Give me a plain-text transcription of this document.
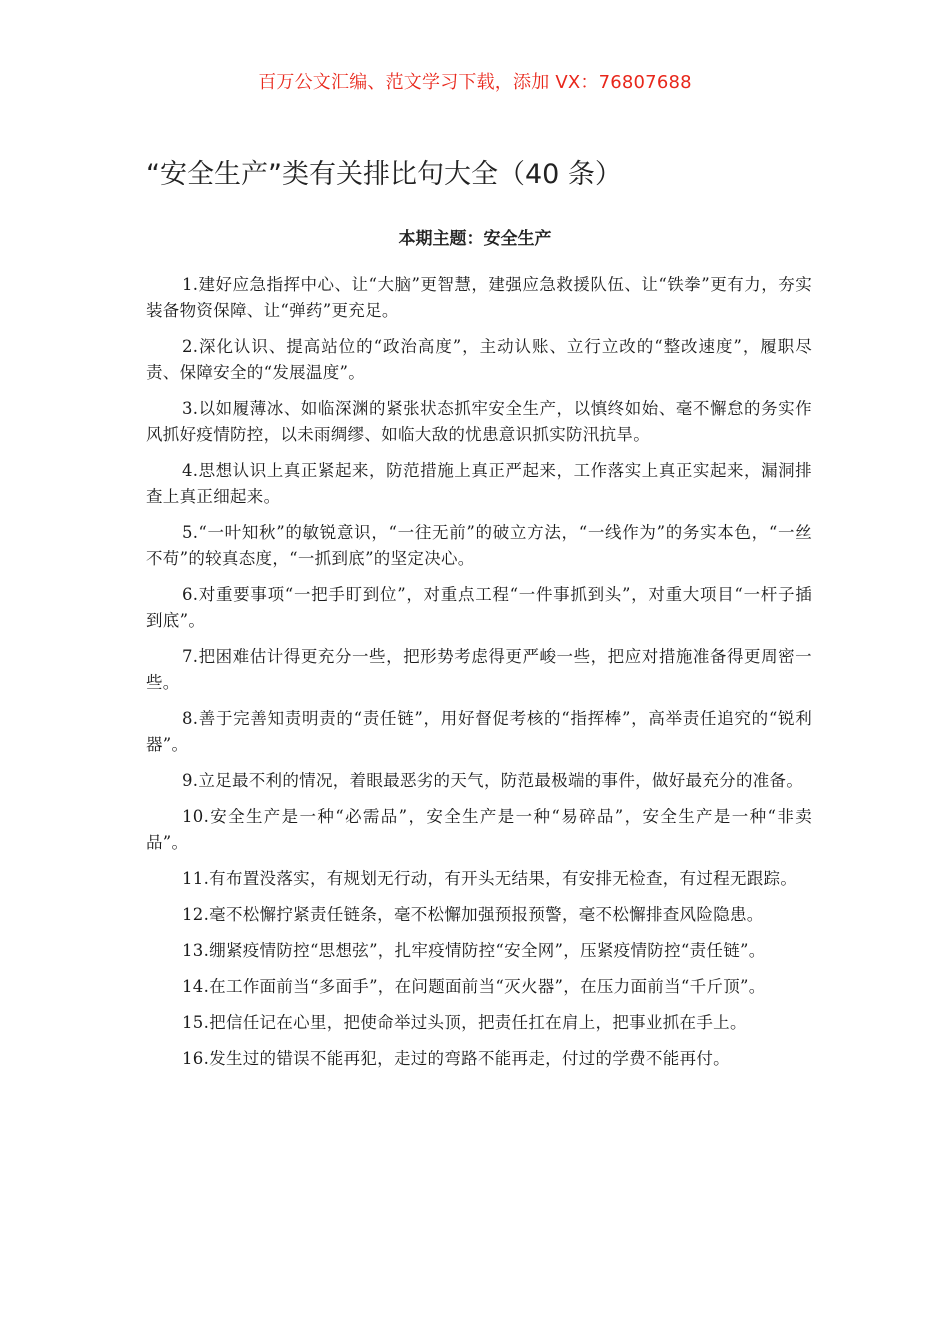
百万公文汇编、范文学习下载，添加 VX：76807688
“安全生产”类有关排比句大全（40 条）
本期主题：安全生产
1.建好应急指挥中心、让“大脑”更智慧，建强应急救援队伍、让“铁拳”更有力，夯实装备物资保障、让“弹药”更充足。
2.深化认识、提高站位的“政治高度”，主动认账、立行立改的“整改速度”，履职尽责、保障安全的“发展温度”。
3.以如履薄冰、如临深渊的紧张状态抓牢安全生产，以慎终如始、毫不懈怠的务实作风抓好疫情防控，以未雨绸缪、如临大敌的忧患意识抓实防汛抗旱。
4.思想认识上真正紧起来，防范措施上真正严起来，工作落实上真正实起来，漏洞排查上真正细起来。
5.“一叶知秋”的敏锐意识，“一往无前”的破立方法，“一线作为”的务实本色，“一丝不苟”的较真态度，“一抓到底”的坚定决心。
6.对重要事项“一把手盯到位”，对重点工程“一件事抓到头”，对重大项目“一杆子插到底”。
7.把困难估计得更充分一些，把形势考虑得更严峻一些，把应对措施准备得更周密一些。
8.善于完善知责明责的“责任链”，用好督促考核的“指挥棒”，高举责任追究的“锐利器”。
9.立足最不利的情况，着眼最恶劣的天气，防范最极端的事件，做好最充分的准备。
10.安全生产是一种“必需品”，安全生产是一种“易碎品”，安全生产是一种“非卖品”。
11.有布置没落实，有规划无行动，有开头无结果，有安排无检查，有过程无跟踪。
12.毫不松懈拧紧责任链条，毫不松懈加强预报预警，毫不松懈排查风险隐患。
13.绷紧疫情防控“思想弦”，扎牢疫情防控“安全网”，压紧疫情防控“责任链”。
14.在工作面前当“多面手”，在问题面前当“灭火器”，在压力面前当“千斤顶”。
15.把信任记在心里，把使命举过头顶，把责任扛在肩上，把事业抓在手上。
16.发生过的错误不能再犯，走过的弯路不能再走，付过的学费不能再付。
